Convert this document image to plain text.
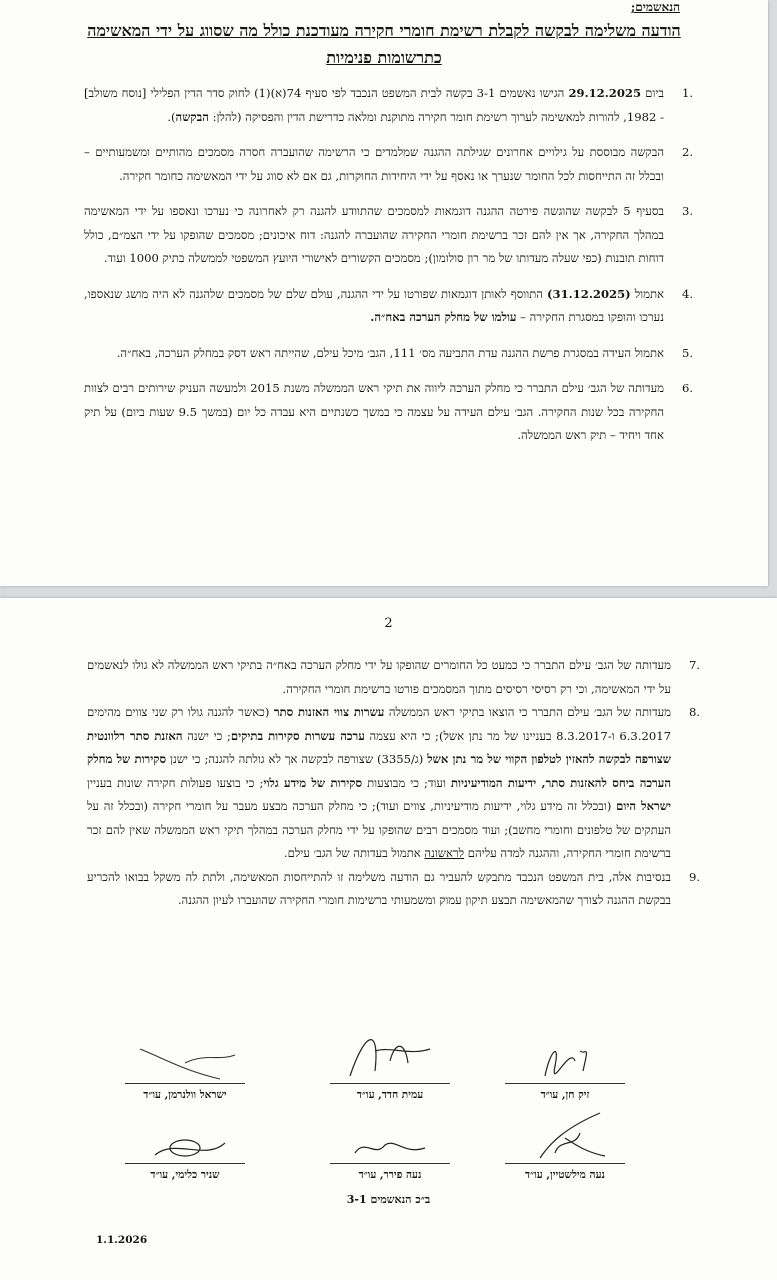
הנאשמים;
הודעה משלימה לבקשה לקבלת רשימת חומרי חקירה מעודכנת כולל מה שסווג על ידי המאשימה כתרשומות פנימיות
1.
ביום 29.12.2025 הגישו נאשמים 3-1 בקשה לבית המשפט הנכבד לפי סעיף 74(א)(1) לחוק סדר הדין הפלילי [נוסח משולב] - 1982, להורות למאשימה לערוך רשימת חומר חקירה מתוקנת ומלאה כדרישת הדין והפסיקה (להלן: הבקשה).
2.
הבקשה מבוססת על גילויים אחרונים שגילתה ההגנה שמלמדים כי הרשימה שהועברה חסרה מסמכים מהותיים ומשמעותיים – ובכלל זה התייחסות לכל החומר שנערך או נאסף על ידי היחידות החוקרות, גם אם לא סווג על ידי המאשימה כחומר חקירה.
3.
בסעיף 5 לבקשה שהוגשה פירטה ההגנה דוגמאות למסמכים שהתוודע להגנה רק לאחרונה כי נערכו ונאספו על ידי המאשימה במהלך החקירה, אך אין להם זכר ברשימת חומרי החקירה שהועברה להגנה: דוח איכונים; מסמכים שהופקו על ידי הצמ״ם, כולל דוחות תובנות (כפי שעלה מעדותו של מר רון סולומון); מסמכים הקשורים לאישורי היועץ המשפטי לממשלה בתיק 1000 ועוד.
4.
אתמול (31.12.2025) התווסף לאותן דוגמאות שפורטו על ידי ההגנה, עולם שלם של מסמכים שלהגנה לא היה מושג שנאספו, נערכו והופקו במסגרת החקירה – עולמו של מחלק הערכה באח״ה.
5.
אתמול העידה במסגרת פרשת ההגנה עדת התביעה מס׳ 111, הגב׳ מיכל עילם, שהייתה ראש דסק במחלק הערכה, באח״ה.
6.
מעדותה של הגב׳ עילם התברר כי מחלק הערכה ליווה את תיקי ראש הממשלה משנת 2015 ולמעשה העניק שירותים רבים לצוות החקירה בכל שנות החקירה. הגב׳ עילם העידה על עצמה כי במשך כשנתיים היא עבדה כל יום (במשך 9.5 שעות ביום) על תיק אחד ויחיד – תיק ראש הממשלה.
2
7.
מעדותה של הגב׳ עילם התברר כי כמעט כל החומרים שהופקו על ידי מחלק הערכה באח״ה בתיקי ראש הממשלה לא גולו לנאשמים על ידי המאשימה, וכי רק רסיסי רסיסים מתוך המסמכים פורטו ברשימת חומרי החקירה.
8.
מעדותה של הגב׳ עילם התברר כי הוצאו בתיקי ראש הממשלה עשרות צווי האזנות סתר (כאשר להגנה גולו רק שני צווים מהימים 6.3.2017 ו-8.3.2017 בעניינו של מר נתן אשל); כי היא עצמה ערכה עשרות סקירות בתיקים; כי ישנה האזנת סתר רלוונטית שצורפה לבקשה להאזין לטלפון הקווי של מר נתן אשל (ג/3355) שצורפה לבקשה אך לא גולתה להגנה; כי ישנן סקירות של מחלק הערכה ביחס להאזנות סתר, ידיעות המודיעיניות ועוד; כי מבוצעות סקירות של מידע גלוי; כי בוצעו פעולות חקירה שונות בעניין ישראל היום (ובכלל זה מידע גלוי, ידיעות מודיעיניות, צווים ועוד); כי מחלק הערכה מבצע מעבר על חומרי חקירה (ובכלל זה על העתקים של טלפונים וחומרי מחשב); ועוד מסמכים רבים שהופקו על ידי מחלק הערכה במהלך תיקי ראש הממשלה שאין להם זכר ברשימת חומרי החקירה, וההגנה למדה עליהם לראשונה אתמול בעדותה של הגב׳ עילם.
9.
בנסיבות אלה, בית המשפט הנכבד מתבקש להעביר גם הודעה משלימה זו להתייחסות המאשימה, ולתת לה משקל בבואו להכריע בבקשת ההגנה לצורך שהמאשימה תבצע תיקון עמוק ומשמעותי ברשימות חומרי החקירה שהועברו לעיון ההגנה.
זיק חן, עו״ד
עמית חדד, עו״ד
ישראל וולנרמן, עו״ד
נעה מילשטיין, עו״ד
נעה פירר, עו״ד
שניר כלימי, עו״ד
ב״כ הנאשמים 3-1
1.1.2026
